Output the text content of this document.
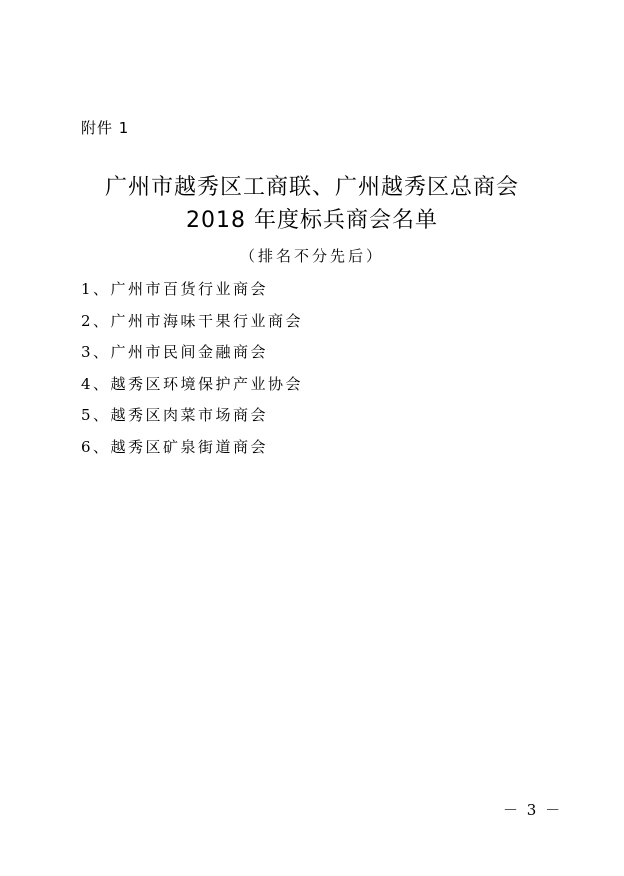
附件 1
广州市越秀区工商联、广州越秀区总商会
2018 年度标兵商会名单
（排名不分先后）
1、广州市百货行业商会
2、广州市海味干果行业商会
3、广州市民间金融商会
4、越秀区环境保护产业协会
5、越秀区肉菜市场商会
6、越秀区矿泉街道商会
－ 3 －
